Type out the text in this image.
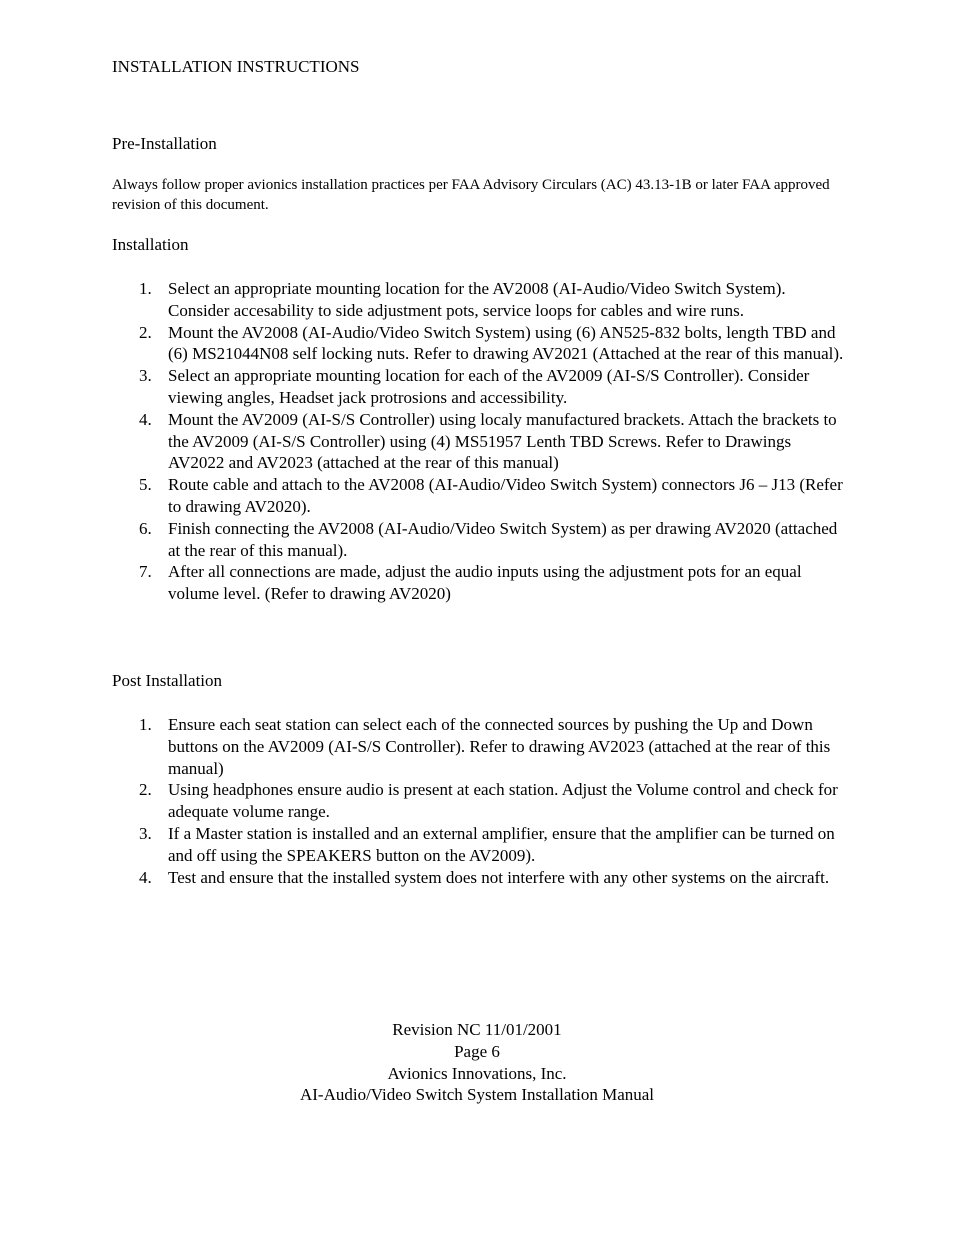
INSTALLATION INSTRUCTIONS
Pre-Installation
Always follow proper avionics installation practices per FAA Advisory Circulars (AC) 43.13-1B or later FAA approved revision of this document.
Installation
1. Select an appropriate mounting location for the AV2008 (AI-Audio/Video Switch System). Consider accesability to side adjustment pots, service loops for cables and wire runs.
2. Mount the AV2008 (AI-Audio/Video Switch System) using (6) AN525-832 bolts, length TBD and (6) MS21044N08 self locking nuts. Refer to drawing AV2021 (Attached at the rear of this manual).
3. Select an appropriate mounting location for each of the AV2009 (AI-S/S Controller). Consider viewing angles, Headset jack protrosions and accessibility.
4. Mount the AV2009 (AI-S/S Controller) using localy manufactured brackets. Attach the brackets to the AV2009 (AI-S/S Controller) using (4) MS51957 Lenth TBD Screws. Refer to Drawings AV2022 and AV2023 (attached at the rear of this manual)
5. Route cable and attach to the AV2008 (AI-Audio/Video Switch System) connectors J6 – J13 (Refer to drawing AV2020).
6. Finish connecting the AV2008 (AI-Audio/Video Switch System) as per drawing AV2020 (attached at the rear of this manual).
7. After all connections are made, adjust the audio inputs using the adjustment pots for an equal volume level. (Refer to drawing AV2020)
Post Installation
1. Ensure each seat station can select each of the connected sources by pushing the Up and Down buttons on the AV2009 (AI-S/S Controller). Refer to drawing AV2023 (attached at the rear of this manual)
2. Using headphones ensure audio is present at each station. Adjust the Volume control and check for adequate volume range.
3. If a Master station is installed and an external amplifier, ensure that the amplifier can be turned on and off using the SPEAKERS button on the AV2009).
4. Test and ensure that the installed system does not interfere with any other systems on the aircraft.
Revision NC 11/01/2001
Page 6
Avionics Innovations, Inc.
AI-Audio/Video Switch System Installation Manual
